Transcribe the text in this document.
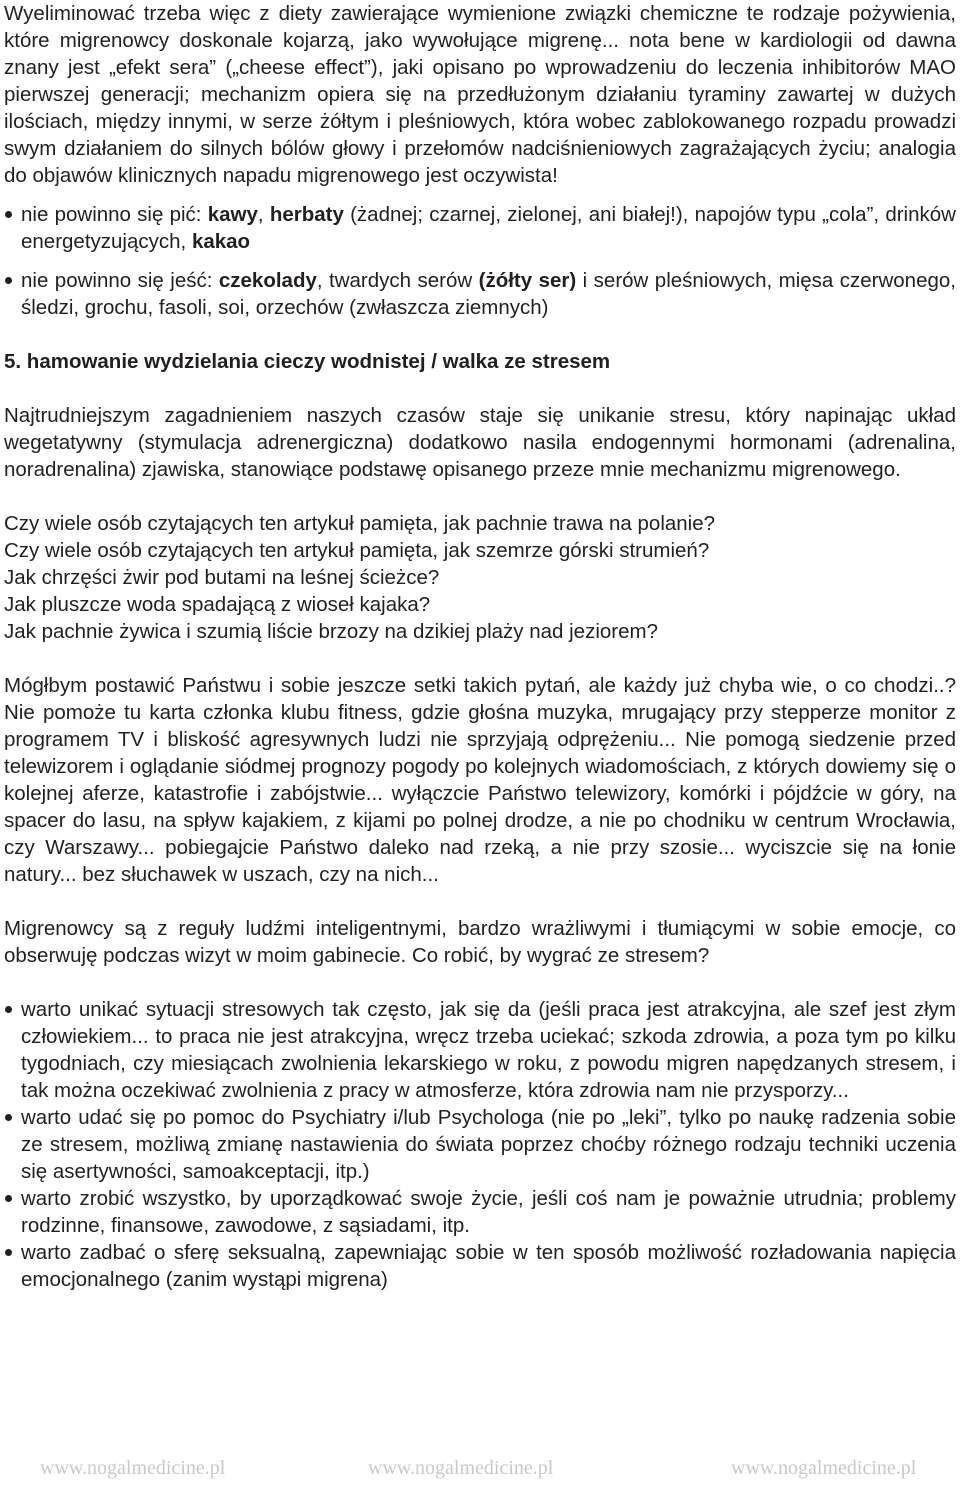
Wyeliminować trzeba więc z diety zawierające wymienione związki chemiczne te rodzaje pożywienia, które migrenowcy doskonale kojarzą, jako wywołujące migrenę... nota bene w kardiologii od dawna znany jest „efekt sera” („cheese effect”), jaki opisano po wprowadzeniu do leczenia inhibitorów MAO pierwszej generacji; mechanizm opiera się na przedłużonym działaniu tyraminy zawartej w dużych ilościach, między innymi, w serze żółtym i pleśniowych, która wobec zablokowanego rozpadu prowadzi swym działaniem do silnych bólów głowy i przełomów nadciśnieniowych zagrażających życiu; analogia do objawów klinicznych napadu migrenowego jest oczywista!

nie powinno się pić: kawy, herbaty (żadnej; czarnej, zielonej, ani białej!), napojów typu „cola”, drinków energetyzujących, kakao
nie powinno się jeść: czekolady, twardych serów (żółty ser) i serów pleśniowych, mięsa czerwonego, śledzi, grochu, fasoli, soi, orzechów (zwłaszcza ziemnych)

5. hamowanie wydzielania cieczy wodnistej / walka ze stresem

Najtrudniejszym zagadnieniem naszych czasów staje się unikanie stresu, który napinając układ wegetatywny (stymulacja adrenergiczna) dodatkowo nasila endogennymi hormonami (adrenalina, noradrenalina) zjawiska, stanowiące podstawę opisanego przeze mnie mechanizmu migrenowego.

Czy wiele osób czytających ten artykuł pamięta, jak pachnie trawa na polanie?

Czy wiele osób czytających ten artykuł pamięta, jak szemrze górski strumień?

Jak chrzęści żwir pod butami na leśnej ścieżce?

Jak pluszcze woda spadającą z wioseł kajaka?

Jak pachnie żywica i szumią liście brzozy na dzikiej plaży nad jeziorem?

Mógłbym postawić Państwu i sobie jeszcze setki takich pytań, ale każdy już chyba wie, o co chodzi..? Nie pomoże tu karta członka klubu fitness, gdzie głośna muzyka, mrugający przy stepperze monitor z programem TV i bliskość agresywnych ludzi nie sprzyjają odprężeniu... Nie pomogą siedzenie przed telewizorem i oglądanie siódmej prognozy pogody po kolejnych wiadomościach, z których dowiemy się o kolejnej aferze, katastrofie i zabójstwie... wyłączcie Państwo telewizory, komórki i pójdźcie w góry, na spacer do lasu, na spływ kajakiem, z kijami po polnej drodze, a nie po chodniku w centrum Wrocławia, czy Warszawy... pobiegajcie Państwo daleko nad rzeką, a nie przy szosie... wyciszcie się na łonie natury... bez słuchawek w uszach, czy na nich...

Migrenowcy są z reguły ludźmi inteligentnymi, bardzo wrażliwymi i tłumiącymi w sobie emocje, co obserwuję podczas wizyt w moim gabinecie. Co robić, by wygrać ze stresem?

warto unikać sytuacji stresowych tak często, jak się da (jeśli praca jest atrakcyjna, ale szef jest złym człowiekiem... to praca nie jest atrakcyjna, wręcz trzeba uciekać; szkoda zdrowia, a poza tym po kilku tygodniach, czy miesiącach zwolnienia lekarskiego w roku, z powodu migren napędzanych stresem, i tak można oczekiwać zwolnienia z pracy w atmosferze, która zdrowia nam nie przysporzy...
warto udać się po pomoc do Psychiatry i/lub Psychologa (nie po „leki”, tylko po naukę radzenia sobie ze stresem, możliwą zmianę nastawienia do świata poprzez choćby różnego rodzaju techniki uczenia się asertywności, samoakceptacji, itp.)
warto zrobić wszystko, by uporządkować swoje życie, jeśli coś nam je poważnie utrudnia; problemy rodzinne, finansowe, zawodowe, z sąsiadami, itp.
warto zadbać o sferę seksualną, zapewniając sobie w ten sposób możliwość rozładowania napięcia emocjonalnego (zanim wystąpi migrena)
www.nogalmedicine.pl	www.nogalmedicine.pl	www.nogalmedicine.pl
